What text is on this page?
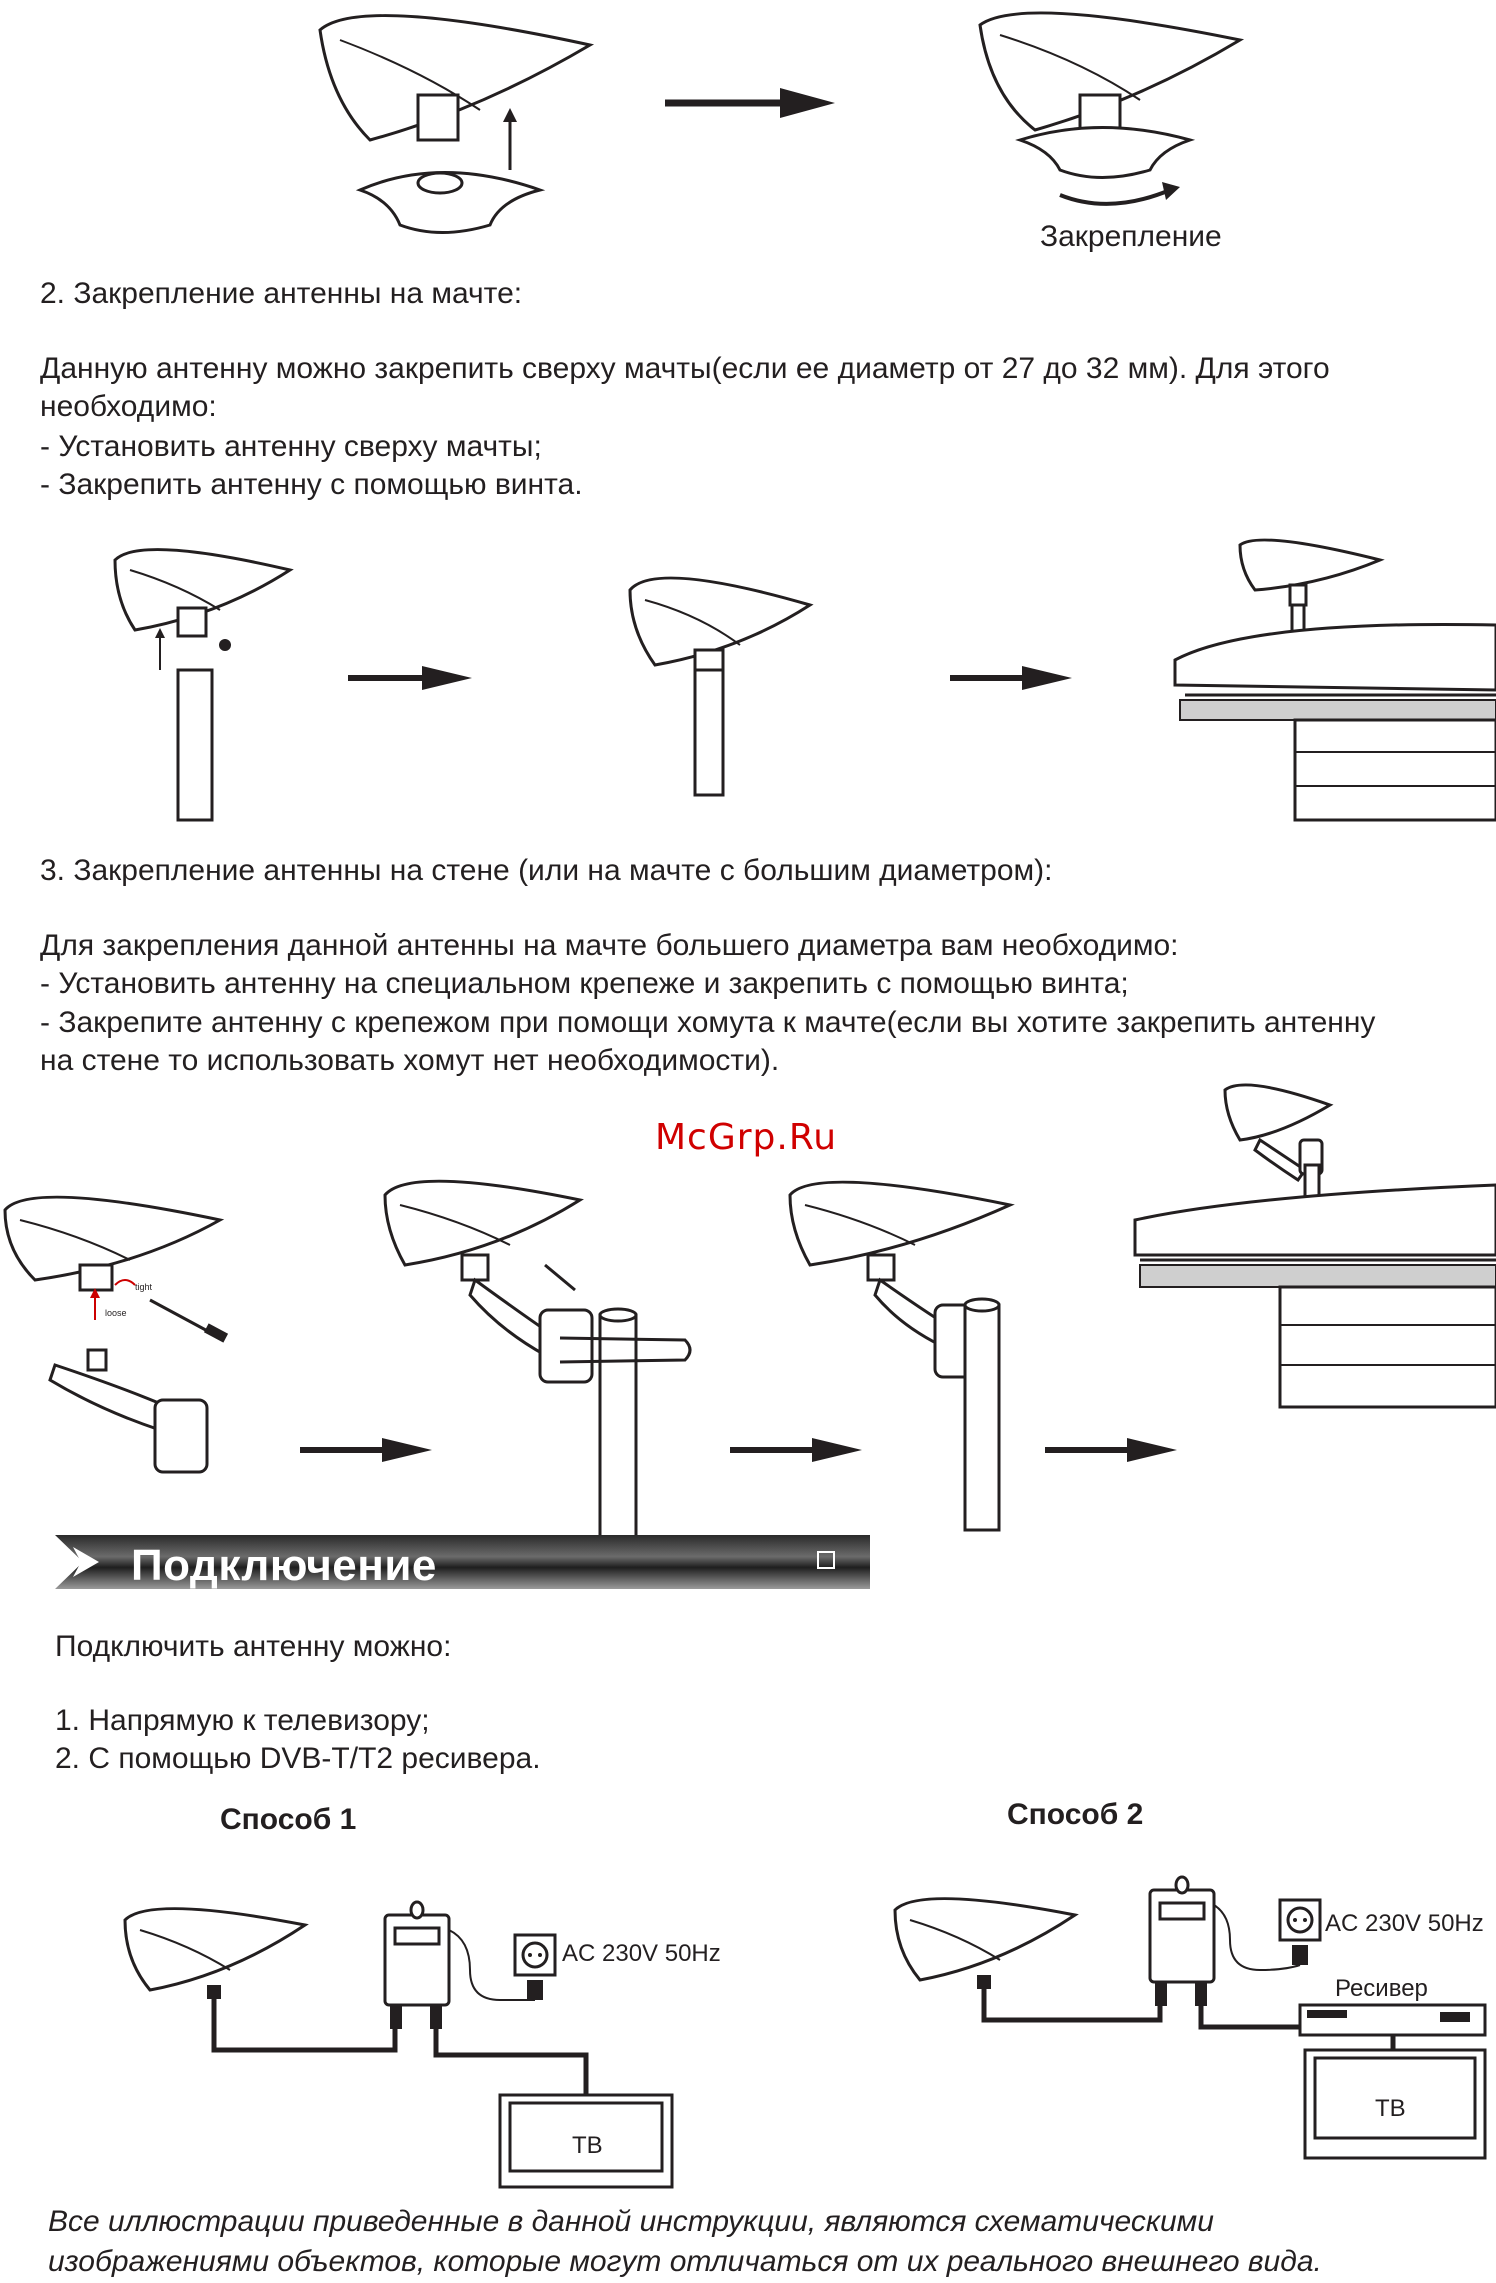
Закрепление
2. Закрепление антенны на мачте:
Данную антенну можно закрепить сверху мачты(если ее диаметр от 27 до 32 мм). Для этого
необходимо:
- Установить антенну сверху мачты;
- Закрепить антенну с помощью винта.
3. Закрепление антенны на стене (или на мачте с большим диаметром):
Для закрепления данной антенны на мачте большего диаметра вам необходимо:
- Установить антенну на специальном крепеже и закрепить с помощью винта;
- Закрепите антенну с крепежом при помощи хомута к мачте(если вы хотите закрепить антенну
на стене то использовать хомут нет необходимости).
McGrp.Ru
tight
loose
Подключение
Подключить антенну можно:
1. Напрямую к телевизору;
2. С помощью DVB-T/T2 ресивера.
Способ 1	Способ 2
AC 230V 50Hz
ТВ
AC 230V 50Hz
Ресивер
ТВ
Все иллюстрации приведенные в данной инструкции, являются схематическими
изображениями объектов, которые могут отличаться от их реального внешнего вида.
